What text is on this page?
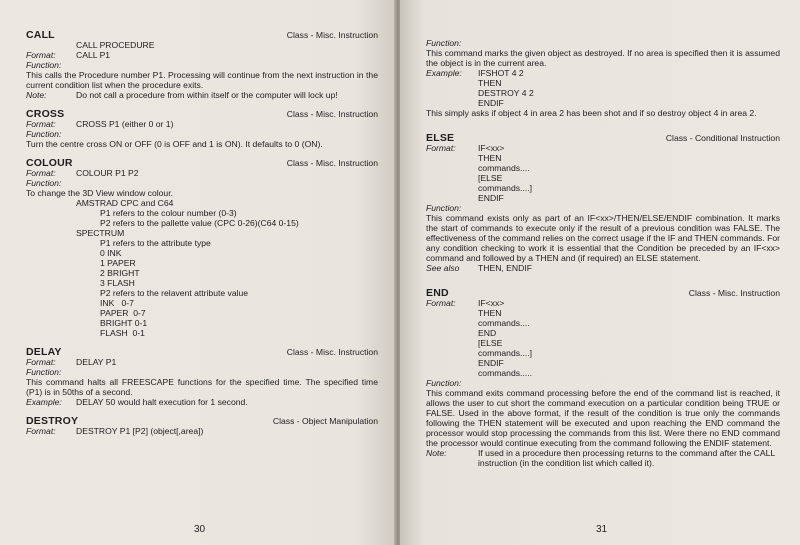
CALL	Class - Misc. Instruction
CALL PROCEDURE
Format:	CALL P1
Function:
This calls the Procedure number P1. Processing will continue from the next instruction in the current condition list when the procedure exits.
Note:	Do not call a procedure from within itself or the computer will lock up!
CROSS	Class - Misc. Instruction
Format:	CROSS P1 (either 0 or 1)
Function:
Turn the centre cross ON or OFF (0 is OFF and 1 is ON). It defaults to 0 (ON).
COLOUR	Class - Misc. Instruction
Format:	COLOUR P1 P2
Function:
To change the 3D View window colour.
AMSTRAD CPC and C64
P1 refers to the colour number (0-3)
P2 refers to the pallette value (CPC 0-26)(C64 0-15)
SPECTRUM
P1 refers to the attribute type
0 INK
1 PAPER
2 BRIGHT
3 FLASH
P2 refers to the relavent attribute value
INK   0-7
PAPER  0-7
BRIGHT 0-1
FLASH  0-1
DELAY	Class - Misc. Instruction
Format:	DELAY P1
Function:
This command halts all FREESCAPE functions for the specified time. The specified time (P1) is in 50ths of a second.
Example:	DELAY 50 would halt execution for 1 second.
DESTROY	Class - Object Manipulation
Format:	DESTROY P1 [P2] (object[,area])
30
Function:
This command marks the given object as destroyed. If no area is specified then it is assumed the object is in the current area.
Example:	IFSHOT 4 2
THEN
DESTROY 4 2
ENDIF
This simply asks if object 4 in area 2 has been shot and if so destroy object 4 in area 2.
ELSE	Class - Conditional Instruction
Format:	IF<xx>
THEN
commands....
[ELSE
commands....]
ENDIF
Function:
This command exists only as part of an IF<xx>/THEN/ELSE/ENDIF combination. It marks the start of commands to execute only if the result of a previous condition was FALSE. The effectiveness of the command relies on the correct usage if the IF and THEN commands. For any condition checking to work it is essential that the Condition be preceded by an IF<xx> command and followed by a THEN and (if required) an ELSE statement.
See also	THEN, ENDIF
END	Class - Misc. Instruction
Format:	IF<xx>
THEN
commands....
END
[ELSE
commands....]
ENDIF
commands.....
Function:
This command exits command processing before the end of the command list is reached, it allows the user to cut short the command execution on a particular condition being TRUE or FALSE. Used in the above format, if the result of the condition is true only the commands following the THEN statement will be executed and upon reaching the END command the processor would stop processing the commands from this list. Were there no END command the processor would continue executing from the command following the ENDIF statement.
Note:	If used in a procedure then processing returns to the command after the CALL instruction (in the condition list which called it).
31
